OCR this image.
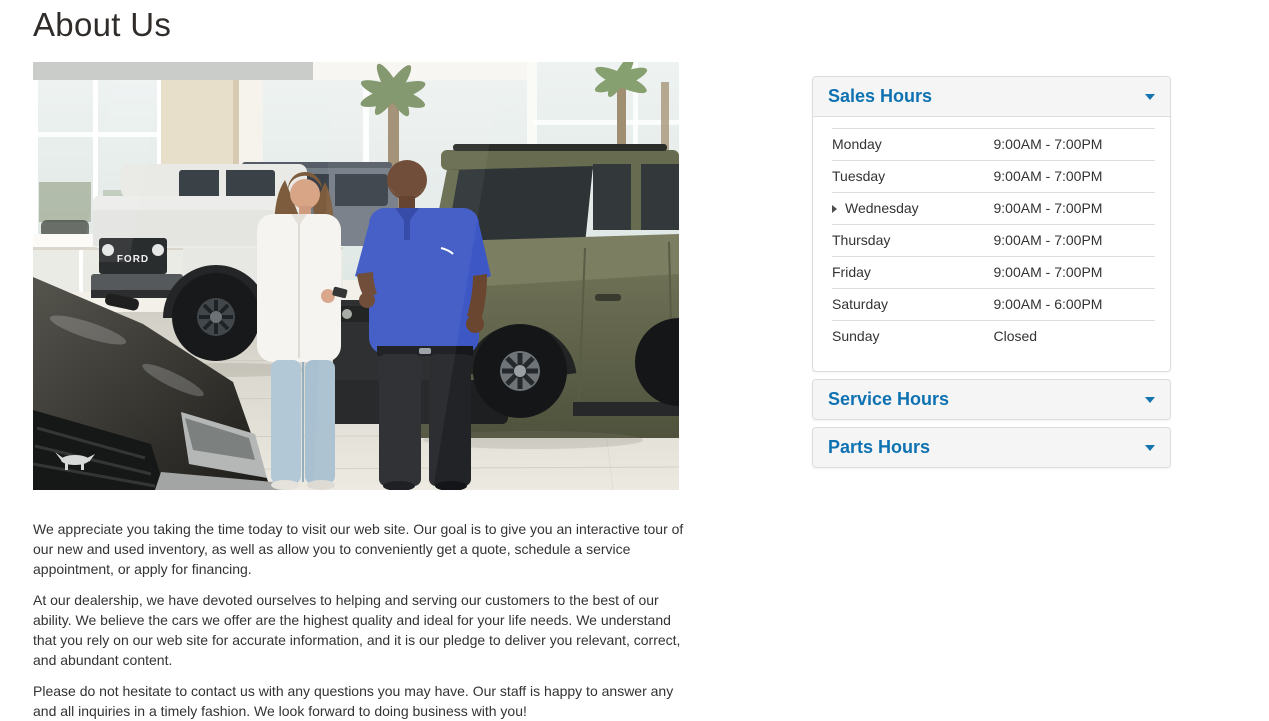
About Us
FORD

We appreciate you taking the time today to visit our web site. Our goal is to give you an interactive tour of our new and used inventory, as well as allow you to conveniently get a quote, schedule a service appointment, or apply for financing.

At our dealership, we have devoted ourselves to helping and serving our customers to the best of our ability. We believe the cars we offer are the highest quality and ideal for your life needs. We understand that you rely on our web site for accurate information, and it is our pledge to deliver you relevant, correct, and abundant content.

Please do not hesitate to contact us with any questions you may have. Our staff is happy to answer any and all inquiries in a timely fashion. We look forward to doing business with you!

Sales Hours
Monday	9:00AM - 7:00PM
Tuesday	9:00AM - 7:00PM
Wednesday	9:00AM - 7:00PM
Thursday	9:00AM - 7:00PM
Friday	9:00AM - 7:00PM
Saturday	9:00AM - 6:00PM
Sunday	Closed
Service Hours
Parts Hours
